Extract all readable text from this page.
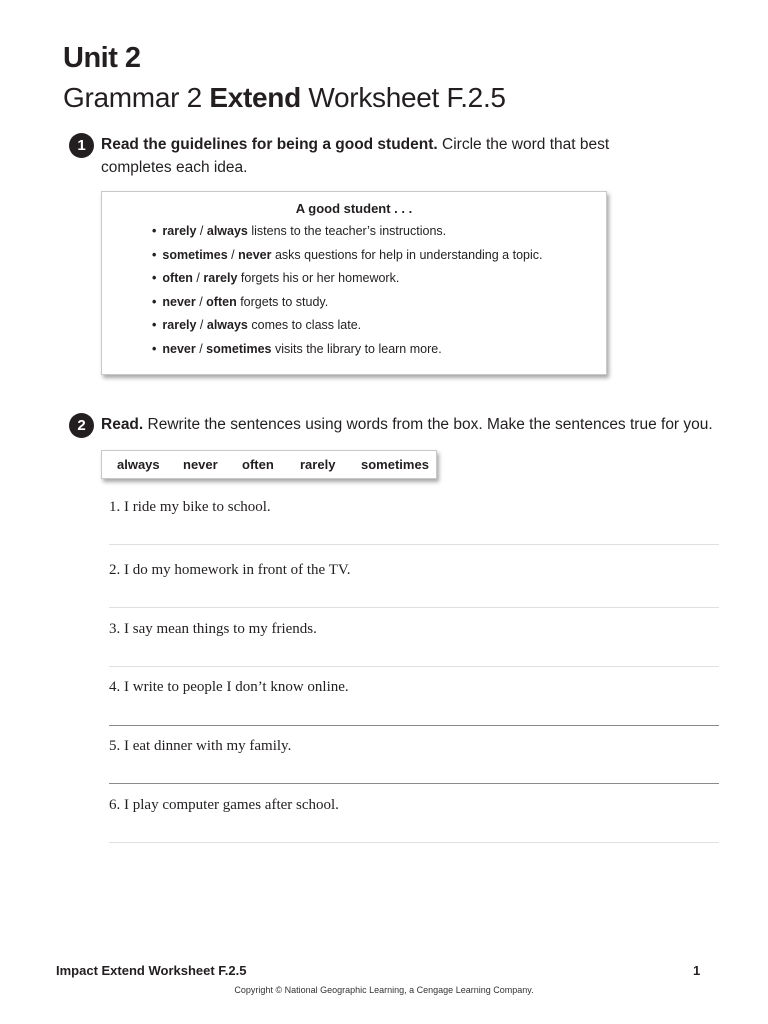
Unit 2
Grammar 2 Extend Worksheet F.2.5
1 Read the guidelines for being a good student. Circle the word that best completes each idea.
A good student . . .
• rarely / always listens to the teacher’s instructions.
• sometimes / never asks questions for help in understanding a topic.
• often / rarely forgets his or her homework.
• never / often forgets to study.
• rarely / always comes to class late.
• never / sometimes visits the library to learn more.
2 Read. Rewrite the sentences using words from the box. Make the sentences true for you.
always never often rarely sometimes
1. I ride my bike to school.
2. I do my homework in front of the TV.
3. I say mean things to my friends.
4. I write to people I don’t know online.
5. I eat dinner with my family.
6. I play computer games after school.
Impact Extend Worksheet F.2.5	1
Copyright © National Geographic Learning, a Cengage Learning Company.
